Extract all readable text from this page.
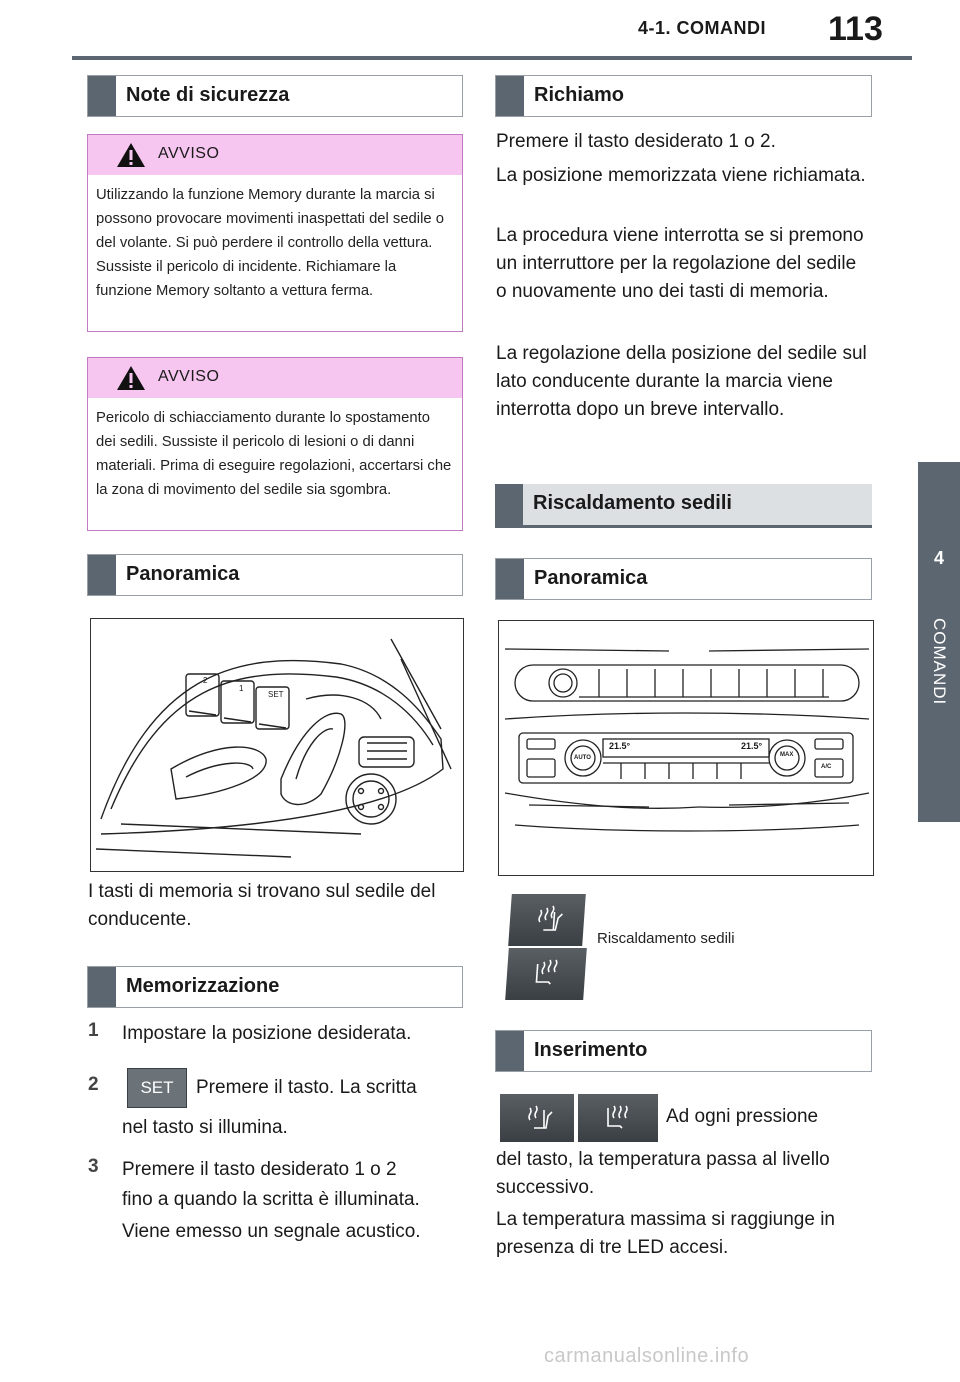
4-1. COMANDI 113
4
COMANDI
Note di sicurezza
AVVISO
Utilizzando la funzione Memory durante la marcia si possono provocare movimenti inaspettati del sedile o del volante. Si può perdere il controllo della vettura. Sussiste il pericolo di incidente. Richiamare la funzione Memory soltanto a vettura ferma.
AVVISO
Pericolo di schiacciamento durante lo spostamento dei sedili. Sussiste il pericolo di lesioni o di danni materiali. Prima di eseguire regolazioni, accertarsi che la zona di movimento del sedile sia sgombra.
Panoramica
2
1
SET
I tasti di memoria si trovano sul sedile del conducente.
Memorizzazione
1 Impostare la posizione desiderata.
2	SET	Premere il tasto. La scritta
nel tasto si illumina.
3 Premere il tasto desiderato 1 o 2
fino a quando la scritta è illuminata.
Viene emesso un segnale acustico.
Richiamo
Premere il tasto desiderato 1 o 2.
La posizione memorizzata viene richiamata.
La procedura viene interrotta se si premono un interruttore per la regolazione del sedile o nuovamente uno dei tasti di memoria.
La regolazione della posizione del sedile sul lato conducente durante la marcia viene interrotta dopo un breve intervallo.
Riscaldamento sedili
Panoramica
21.5°	21.5°
AUTO	MAX
A/C
Riscaldamento sedili
Inserimento
Ad ogni pressione
del tasto, la temperatura passa al livello successivo.
La temperatura massima si raggiunge in presenza di tre LED accesi.
carmanualsonline.info
